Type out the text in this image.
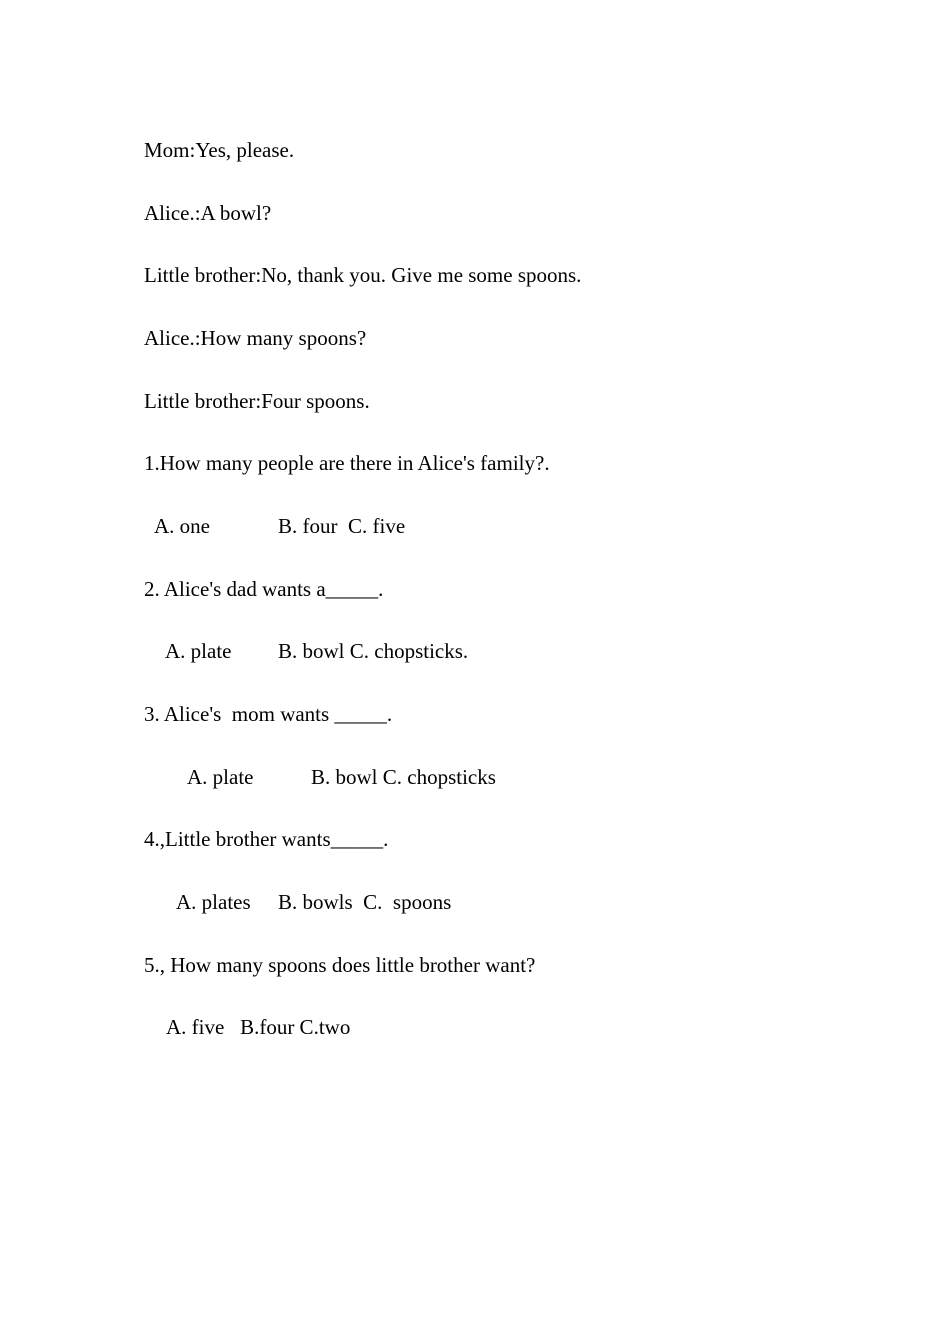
Mom:Yes, please.
Alice.:A bowl?
Little brother:No, thank you. Give me some spoons.
Alice.:How many spoons?
Little brother:Four spoons.
1.How many people are there in Alice's family?.
A. one	B. four  C. five
2. Alice's dad wants a_____.
A. plate B. bowl C. chopsticks.
3. Alice's  mom wants _____.
A. plate	B. bowl C. chopsticks
4.,Little brother wants_____.
A. plates B. bowls  C.  spoons
5., How many spoons does little brother want?
A. five   B.four C.two
